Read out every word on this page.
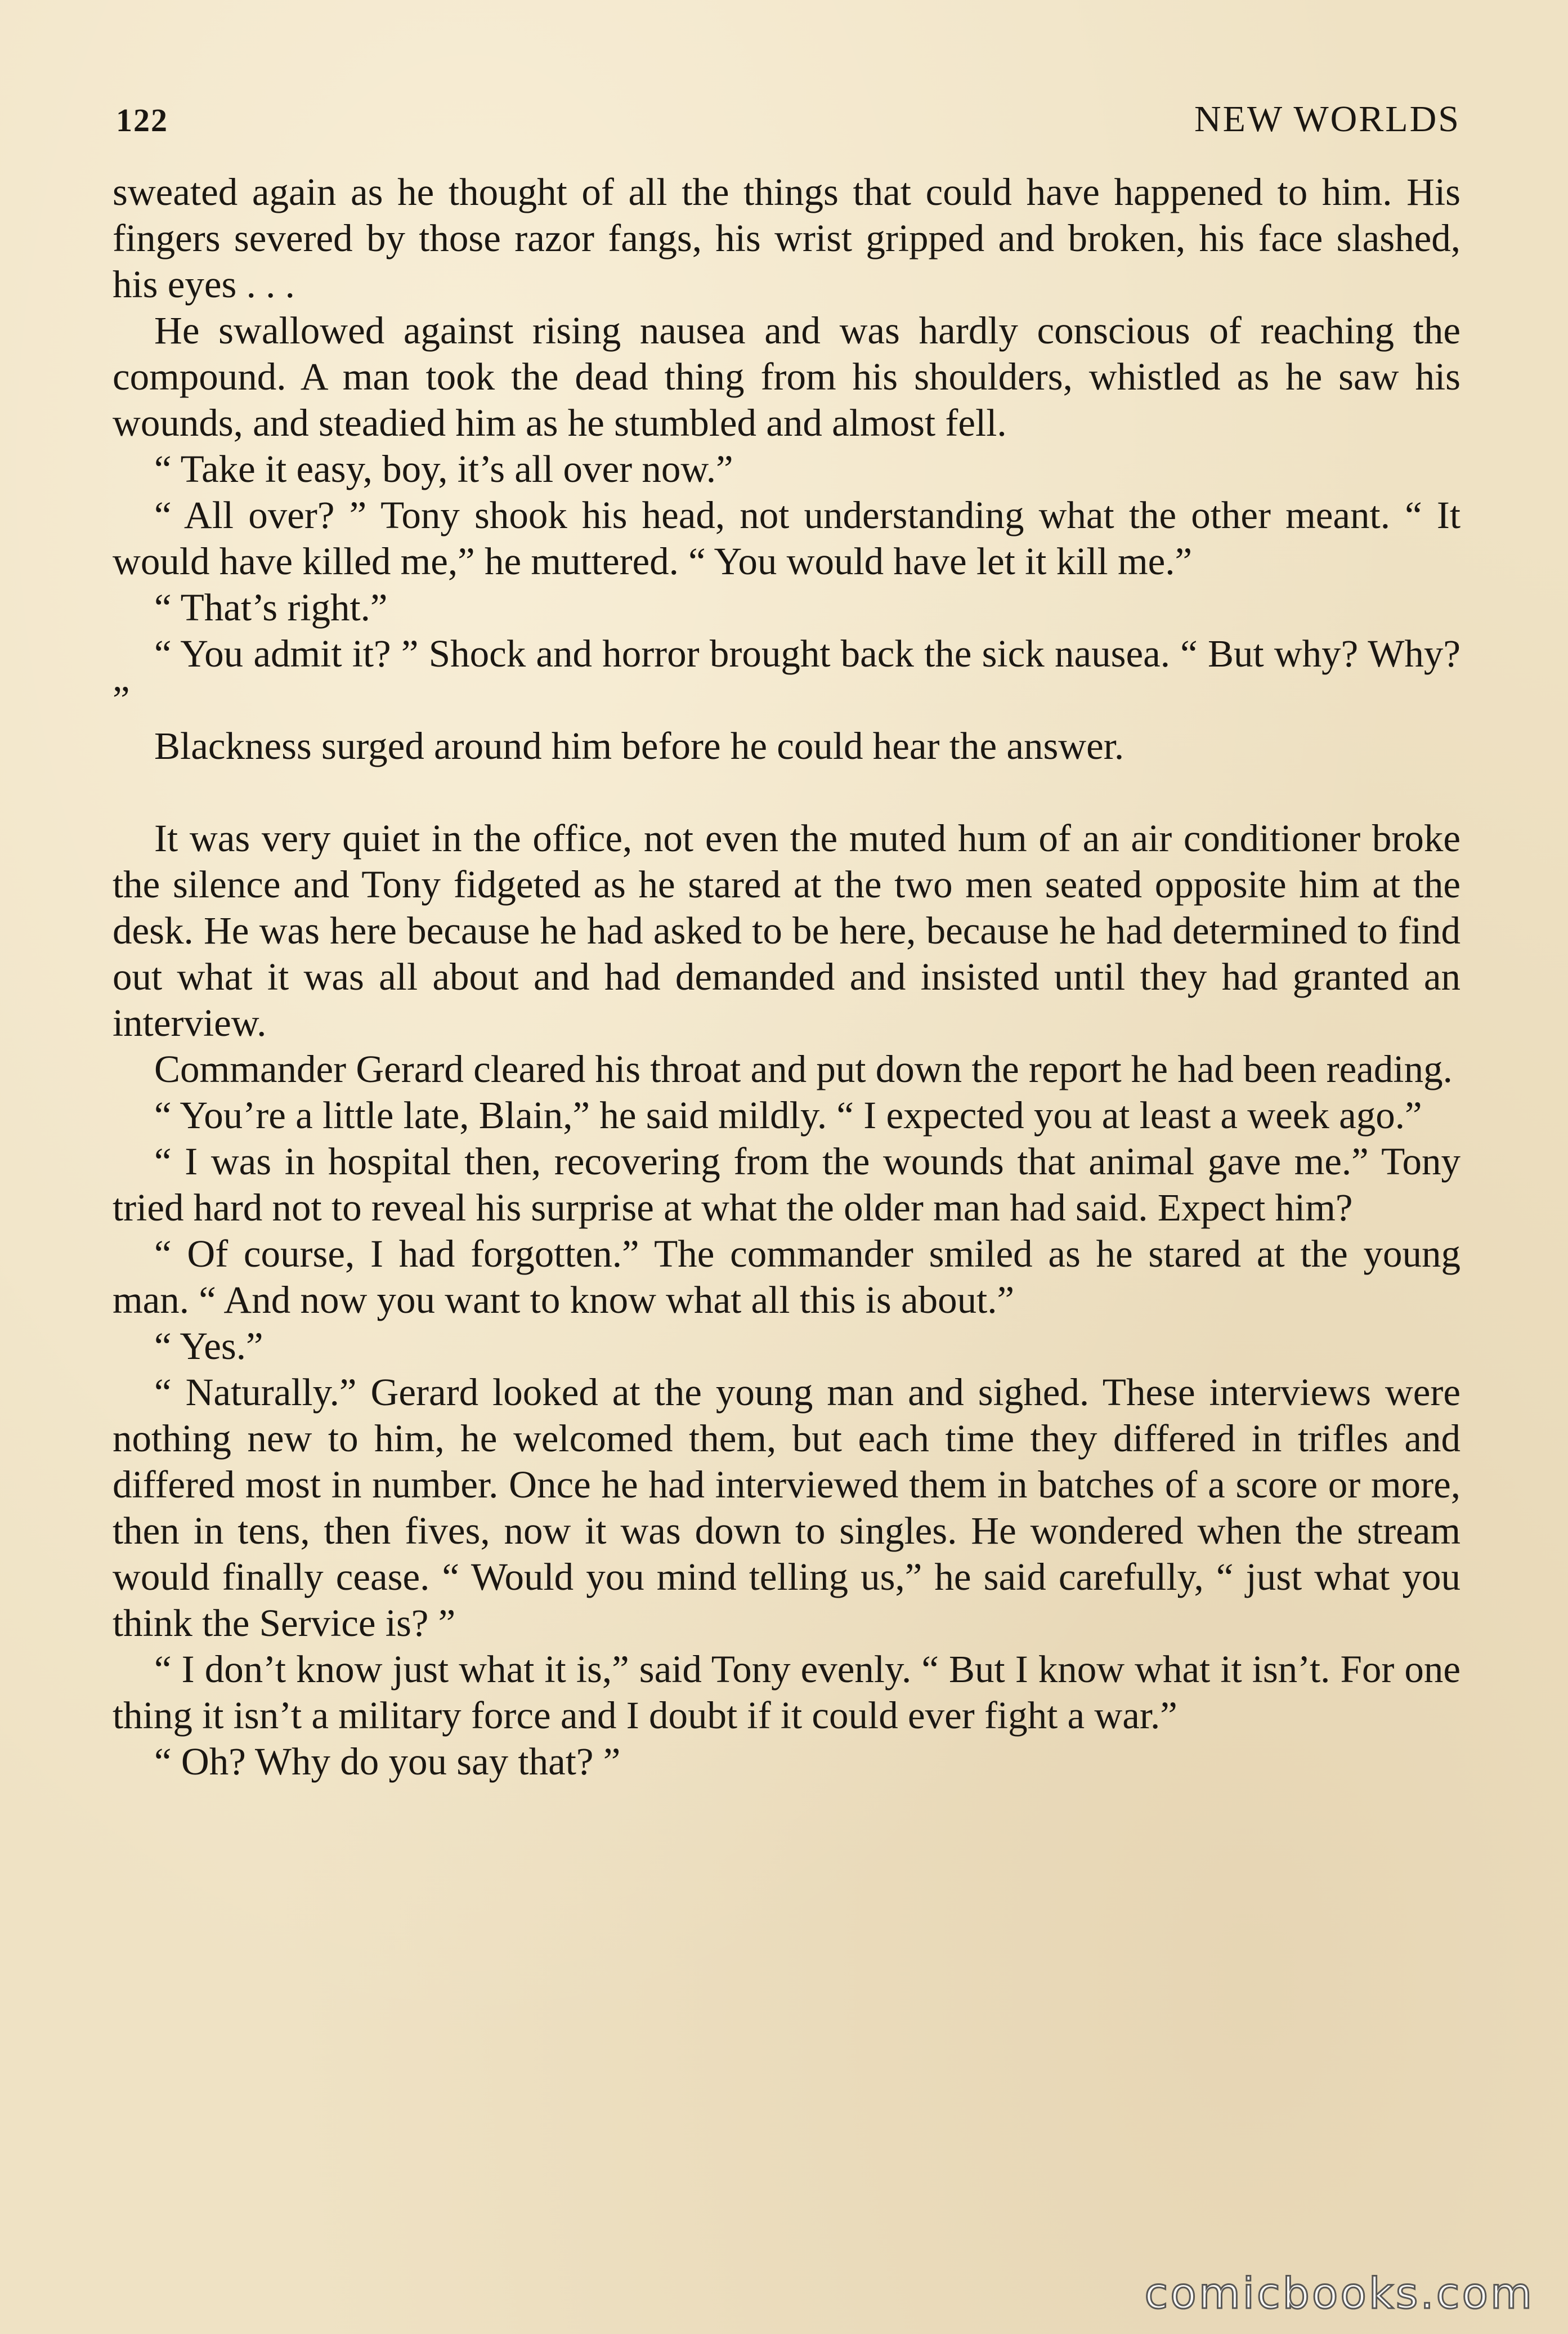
122	NEW WORLDS

sweated again as he thought of all the things that could have happened to him. His fingers severed by those razor fangs, his wrist gripped and broken, his face slashed, his eyes . . .

He swallowed against rising nausea and was hardly conscious of reaching the compound. A man took the dead thing from his shoulders, whistled as he saw his wounds, and steadied him as he stumbled and almost fell.

“ Take it easy, boy, it’s all over now.”

“ All over? ” Tony shook his head, not understanding what the other meant. “ It would have killed me,” he muttered. “ You would have let it kill me.”

“ That’s right.”

“ You admit it? ” Shock and horror brought back the sick nausea. “ But why? Why? ”

Blackness surged around him before he could hear the answer.

It was very quiet in the office, not even the muted hum of an air conditioner broke the silence and Tony fidgeted as he stared at the two men seated opposite him at the desk. He was here because he had asked to be here, because he had determined to find out what it was all about and had demanded and insisted until they had granted an interview.

Commander Gerard cleared his throat and put down the report he had been reading.

“ You’re a little late, Blain,” he said mildly. “ I expected you at least a week ago.”

“ I was in hospital then, recovering from the wounds that animal gave me.” Tony tried hard not to reveal his surprise at what the older man had said. Expect him?

“ Of course, I had forgotten.” The commander smiled as he stared at the young man. “ And now you want to know what all this is about.”

“ Yes.”

“ Naturally.” Gerard looked at the young man and sighed. These interviews were nothing new to him, he welcomed them, but each time they differed in trifles and differed most in number. Once he had interviewed them in batches of a score or more, then in tens, then fives, now it was down to singles. He wondered when the stream would finally cease. “ Would you mind telling us,” he said carefully, “ just what you think the Service is? ”

“ I don’t know just what it is,” said Tony evenly. “ But I know what it isn’t. For one thing it isn’t a military force and I doubt if it could ever fight a war.”

“ Oh? Why do you say that? ”

comicbooks.com
